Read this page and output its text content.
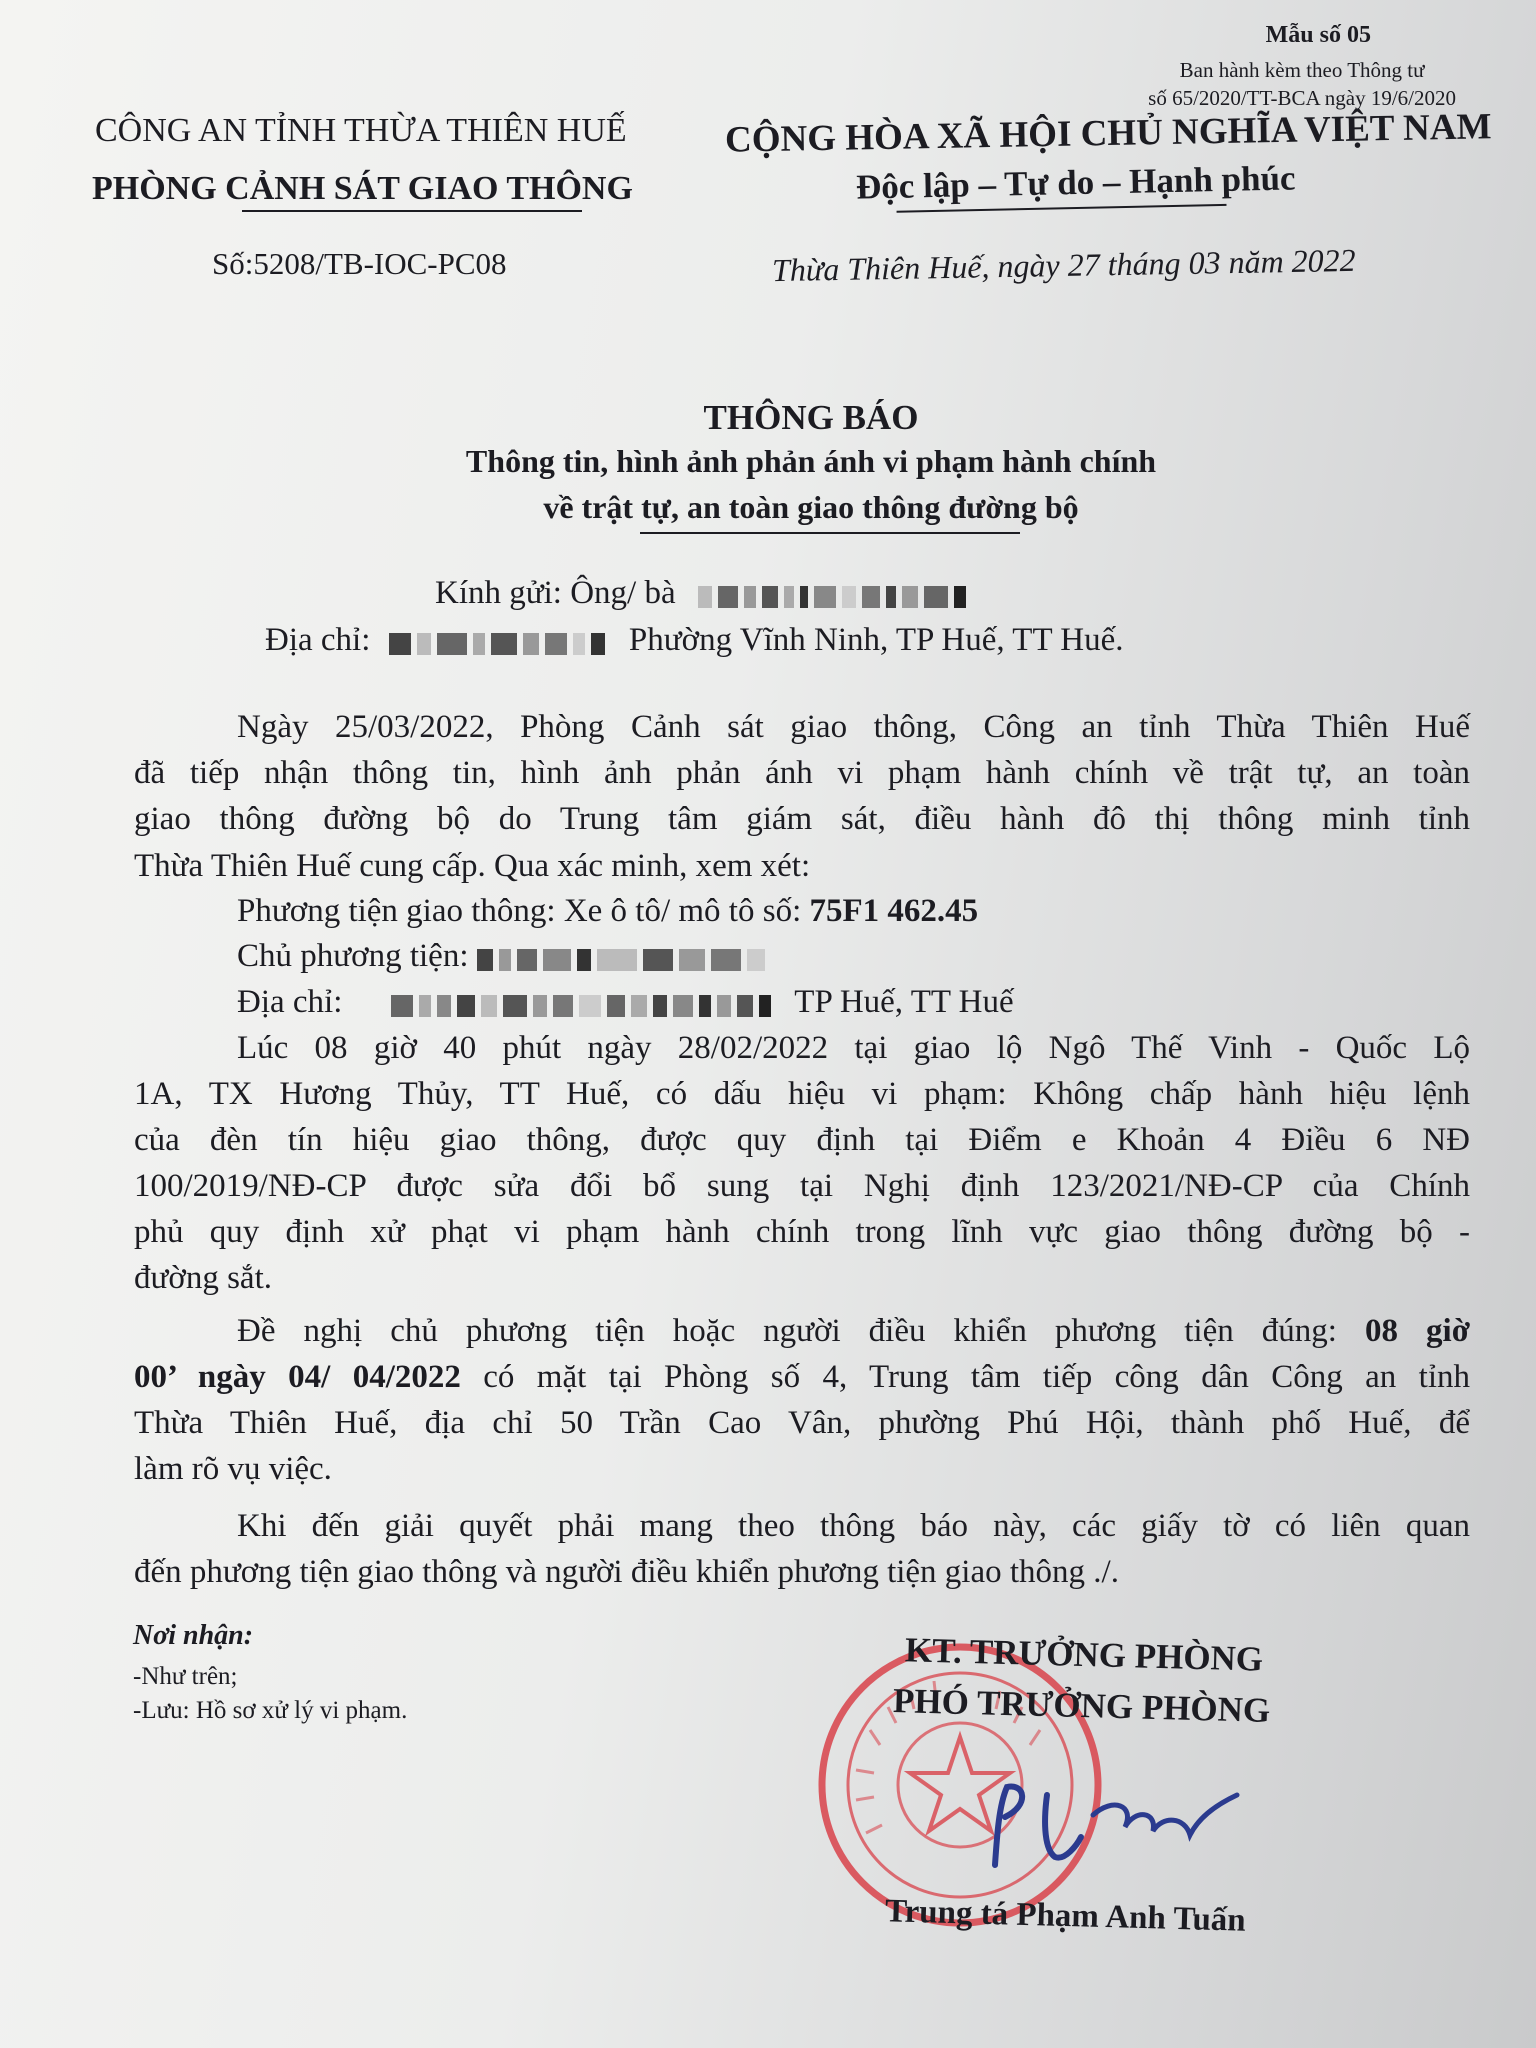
Mẫu số 05
Ban hành kèm theo Thông tư
số 65/2020/TT-BCA ngày 19/6/2020
CÔNG AN TỈNH THỪA THIÊN HUẾ
PHÒNG CẢNH SÁT GIAO THÔNG
Số:5208/TB-IOC-PC08
CỘNG HÒA XÃ HỘI CHỦ NGHĨA VIỆT NAM
Độc lập – Tự do – Hạnh phúc
Thừa Thiên Huế, ngày 27 tháng 03 năm 2022
THÔNG BÁO
Thông tin, hình ảnh phản ánh vi phạm hành chính
về trật tự, an toàn giao thông đường bộ
Kính gửi: Ông/ bà
Địa chỉ:	Phường Vĩnh Ninh, TP Huế, TT Huế.
Ngày 25/03/2022, Phòng Cảnh sát giao thông, Công an tỉnh Thừa Thiên Huế
đã tiếp nhận thông tin, hình ảnh phản ánh vi phạm hành chính về trật tự, an toàn
giao thông đường bộ do Trung tâm giám sát, điều hành đô thị thông minh tỉnh
Thừa Thiên Huế cung cấp. Qua xác minh, xem xét:
Phương tiện giao thông: Xe ô tô/ mô tô số: 75F1 462.45
Chủ phương tiện:
Địa chỉ:	TP Huế, TT Huế
Lúc 08 giờ 40 phút ngày 28/02/2022 tại giao lộ Ngô Thế Vinh - Quốc Lộ
1A, TX Hương Thủy, TT Huế, có dấu hiệu vi phạm: Không chấp hành hiệu lệnh
của đèn tín hiệu giao thông, được quy định tại Điểm e Khoản 4 Điều 6 NĐ
100/2019/NĐ-CP được sửa đổi bổ sung tại Nghị định 123/2021/NĐ-CP của Chính
phủ quy định xử phạt vi phạm hành chính trong lĩnh vực giao thông đường bộ -
đường sắt.
Đề nghị chủ phương tiện hoặc người điều khiển phương tiện đúng: 08 giờ
00’ ngày 04/ 04/2022 có mặt tại Phòng số 4, Trung tâm tiếp công dân Công an tỉnh
Thừa Thiên Huế, địa chỉ 50 Trần Cao Vân, phường Phú Hội, thành phố Huế, để
làm rõ vụ việc.
Khi đến giải quyết phải mang theo thông báo này, các giấy tờ có liên quan
đến phương tiện giao thông và người điều khiển phương tiện giao thông ./.
Nơi nhận:
-Như trên;
-Lưu: Hồ sơ xử lý vi phạm.
KT. TRƯỞNG PHÒNG
PHÓ TRƯỞNG PHÒNG
Trung tá Phạm Anh Tuấn
